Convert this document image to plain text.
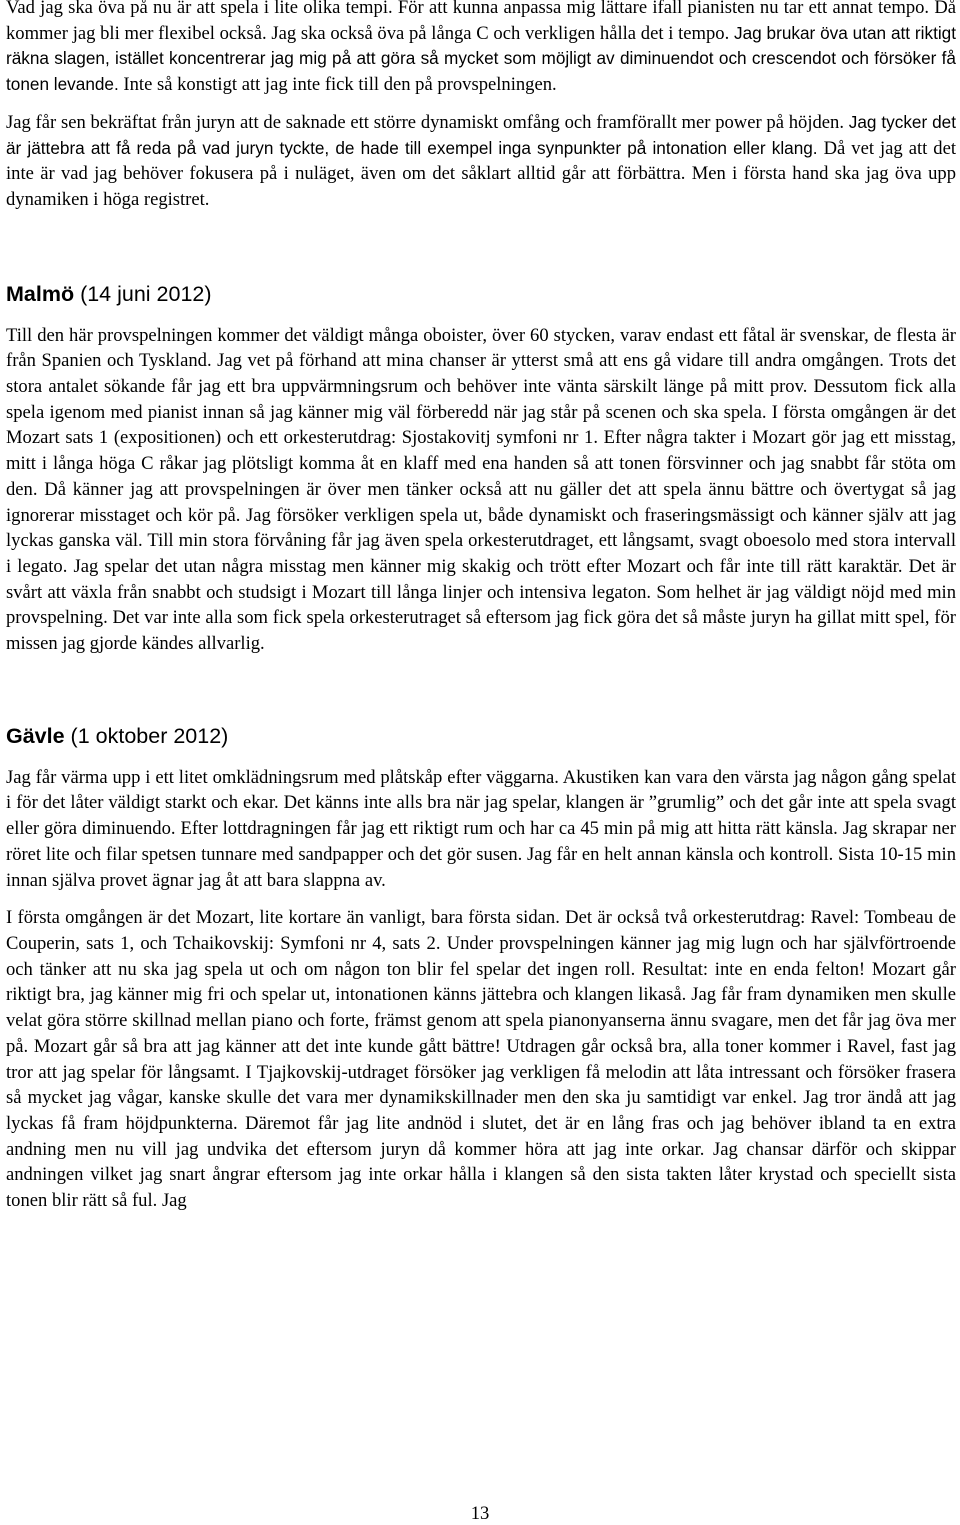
Vad jag ska öva på nu är att spela i lite olika tempi. För att kunna anpassa mig lättare ifall pianisten nu tar ett annat tempo. Då kommer jag bli mer flexibel också. Jag ska också öva på långa C och verkligen hålla det i tempo. Jag brukar öva utan att riktigt räkna slagen, istället koncentrerar jag mig på att göra så mycket som möjligt av diminuendot och crescendot och försöker få tonen levande. Inte så konstigt att jag inte fick till den på provspelningen.

Jag får sen bekräftat från juryn att de saknade ett större dynamiskt omfång och framförallt mer power på höjden. Jag tycker det är jättebra att få reda på vad juryn tyckte, de hade till exempel inga synpunkter på intonation eller klang. Då vet jag att det inte är vad jag behöver fokusera på i nuläget, även om det såklart alltid går att förbättra. Men i första hand ska jag öva upp dynamiken i höga registret.

Malmö (14 juni 2012)

Till den här provspelningen kommer det väldigt många oboister, över 60 stycken, varav endast ett fåtal är svenskar, de flesta är från Spanien och Tyskland. Jag vet på förhand att mina chanser är ytterst små att ens gå vidare till andra omgången. Trots det stora antalet sökande får jag ett bra uppvärmningsrum och behöver inte vänta särskilt länge på mitt prov. Dessutom fick alla spela igenom med pianist innan så jag känner mig väl förberedd när jag står på scenen och ska spela. I första omgången är det Mozart sats 1 (expositionen) och ett orkesterutdrag: Sjostakovitj symfoni nr 1. Efter några takter i Mozart gör jag ett misstag, mitt i långa höga C råkar jag plötsligt komma åt en klaff med ena handen så att tonen försvinner och jag snabbt får stöta om den. Då känner jag att provspelningen är över men tänker också att nu gäller det att spela ännu bättre och övertygat så jag ignorerar misstaget och kör på. Jag försöker verkligen spela ut, både dynamiskt och fraseringsmässigt och känner själv att jag lyckas ganska väl. Till min stora förvåning får jag även spela orkesterutdraget, ett långsamt, svagt oboesolo med stora intervall i legato. Jag spelar det utan några misstag men känner mig skakig och trött efter Mozart och får inte till rätt karaktär. Det är svårt att växla från snabbt och studsigt i Mozart till långa linjer och intensiva legaton. Som helhet är jag väldigt nöjd med min provspelning. Det var inte alla som fick spela orkesterutraget så eftersom jag fick göra det så måste juryn ha gillat mitt spel, för missen jag gjorde kändes allvarlig.

Gävle (1 oktober 2012)

Jag får värma upp i ett litet omklädningsrum med plåtskåp efter väggarna. Akustiken kan vara den värsta jag någon gång spelat i för det låter väldigt starkt och ekar. Det känns inte alls bra när jag spelar, klangen är ”grumlig” och det går inte att spela svagt eller göra diminuendo. Efter lottdragningen får jag ett riktigt rum och har ca 45 min på mig att hitta rätt känsla. Jag skrapar ner röret lite och filar spetsen tunnare med sandpapper och det gör susen. Jag får en helt annan känsla och kontroll. Sista 10-15 min innan själva provet ägnar jag åt att bara slappna av.

I första omgången är det Mozart, lite kortare än vanligt, bara första sidan. Det är också två orkesterutdrag: Ravel: Tombeau de Couperin, sats 1, och Tchaikovskij: Symfoni nr 4, sats 2. Under provspelningen känner jag mig lugn och har självförtroende och tänker att nu ska jag spela ut och om någon ton blir fel spelar det ingen roll. Resultat: inte en enda felton! Mozart går riktigt bra, jag känner mig fri och spelar ut, intonationen känns jättebra och klangen likaså. Jag får fram dynamiken men skulle velat göra större skillnad mellan piano och forte, främst genom att spela pianonyanserna ännu svagare, men det får jag öva mer på. Mozart går så bra att jag känner att det inte kunde gått bättre! Utdragen går också bra, alla toner kommer i Ravel, fast jag tror att jag spelar för långsamt. I Tjajkovskij-utdraget försöker jag verkligen få melodin att låta intressant och försöker frasera så mycket jag vågar, kanske skulle det vara mer dynamikskillnader men den ska ju samtidigt var enkel. Jag tror ändå att jag lyckas få fram höjdpunkterna. Däremot får jag lite andnöd i slutet, det är en lång fras och jag behöver ibland ta en extra andning men nu vill jag undvika det eftersom juryn då kommer höra att jag inte orkar. Jag chansar därför och skippar andningen vilket jag snart ångrar eftersom jag inte orkar hålla i klangen så den sista takten låter krystad och speciellt sista tonen blir rätt så ful. Jag

13
